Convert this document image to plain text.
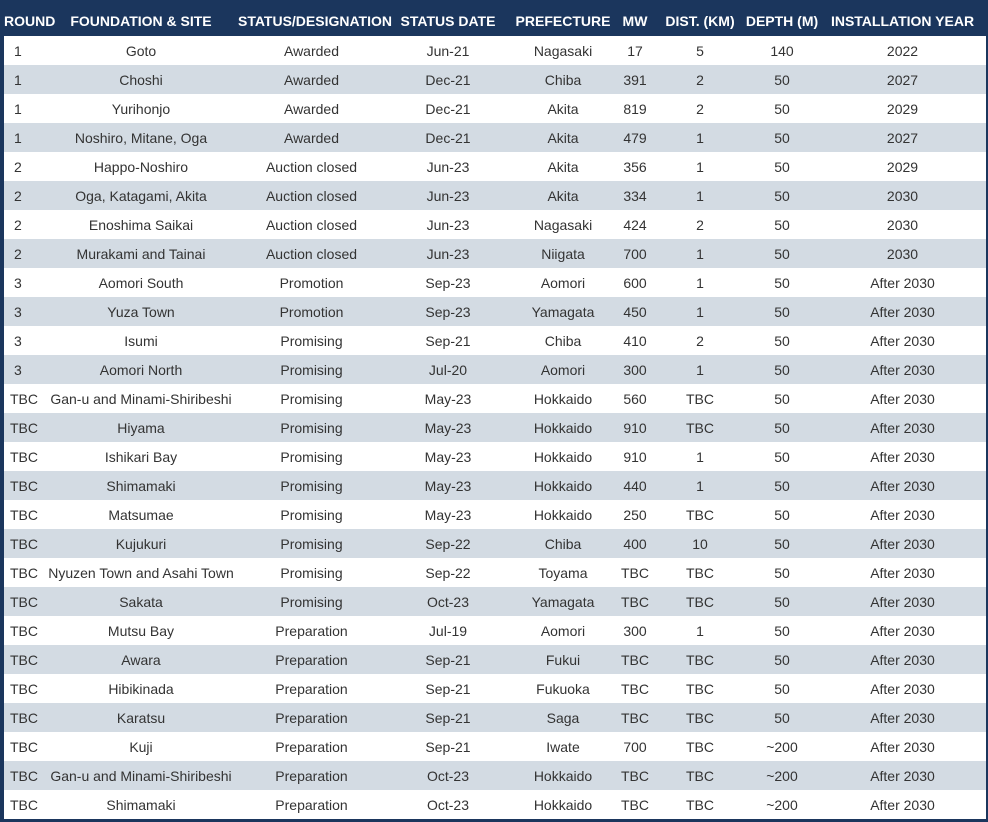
ROUND	FOUNDATION & SITE	STATUS/DESIGNATION	STATUS DATE	PREFECTURE	MW	DIST. (KM)	DEPTH (M)	INSTALLATION YEAR
1	Goto	Awarded	Jun-21	Nagasaki	17	5	140	2022
1	Choshi	Awarded	Dec-21	Chiba	391	2	50	2027
1	Yurihonjo	Awarded	Dec-21	Akita	819	2	50	2029
1	Noshiro, Mitane, Oga	Awarded	Dec-21	Akita	479	1	50	2027
2	Happo-Noshiro	Auction closed	Jun-23	Akita	356	1	50	2029
2	Oga, Katagami, Akita	Auction closed	Jun-23	Akita	334	1	50	2030
2	Enoshima Saikai	Auction closed	Jun-23	Nagasaki	424	2	50	2030
2	Murakami and Tainai	Auction closed	Jun-23	Niigata	700	1	50	2030
3	Aomori South	Promotion	Sep-23	Aomori	600	1	50	After 2030
3	Yuza Town	Promotion	Sep-23	Yamagata	450	1	50	After 2030
3	Isumi	Promising	Sep-21	Chiba	410	2	50	After 2030
3	Aomori North	Promising	Jul-20	Aomori	300	1	50	After 2030
TBC	Gan-u and Minami-Shiribeshi	Promising	May-23	Hokkaido	560	TBC	50	After 2030
TBC	Hiyama	Promising	May-23	Hokkaido	910	TBC	50	After 2030
TBC	Ishikari Bay	Promising	May-23	Hokkaido	910	1	50	After 2030
TBC	Shimamaki	Promising	May-23	Hokkaido	440	1	50	After 2030
TBC	Matsumae	Promising	May-23	Hokkaido	250	TBC	50	After 2030
TBC	Kujukuri	Promising	Sep-22	Chiba	400	10	50	After 2030
TBC	Nyuzen Town and Asahi Town	Promising	Sep-22	Toyama	TBC	TBC	50	After 2030
TBC	Sakata	Promising	Oct-23	Yamagata	TBC	TBC	50	After 2030
TBC	Mutsu Bay	Preparation	Jul-19	Aomori	300	1	50	After 2030
TBC	Awara	Preparation	Sep-21	Fukui	TBC	TBC	50	After 2030
TBC	Hibikinada	Preparation	Sep-21	Fukuoka	TBC	TBC	50	After 2030
TBC	Karatsu	Preparation	Sep-21	Saga	TBC	TBC	50	After 2030
TBC	Kuji	Preparation	Sep-21	Iwate	700	TBC	~200	After 2030
TBC	Gan-u and Minami-Shiribeshi	Preparation	Oct-23	Hokkaido	TBC	TBC	~200	After 2030
TBC	Shimamaki	Preparation	Oct-23	Hokkaido	TBC	TBC	~200	After 2030
